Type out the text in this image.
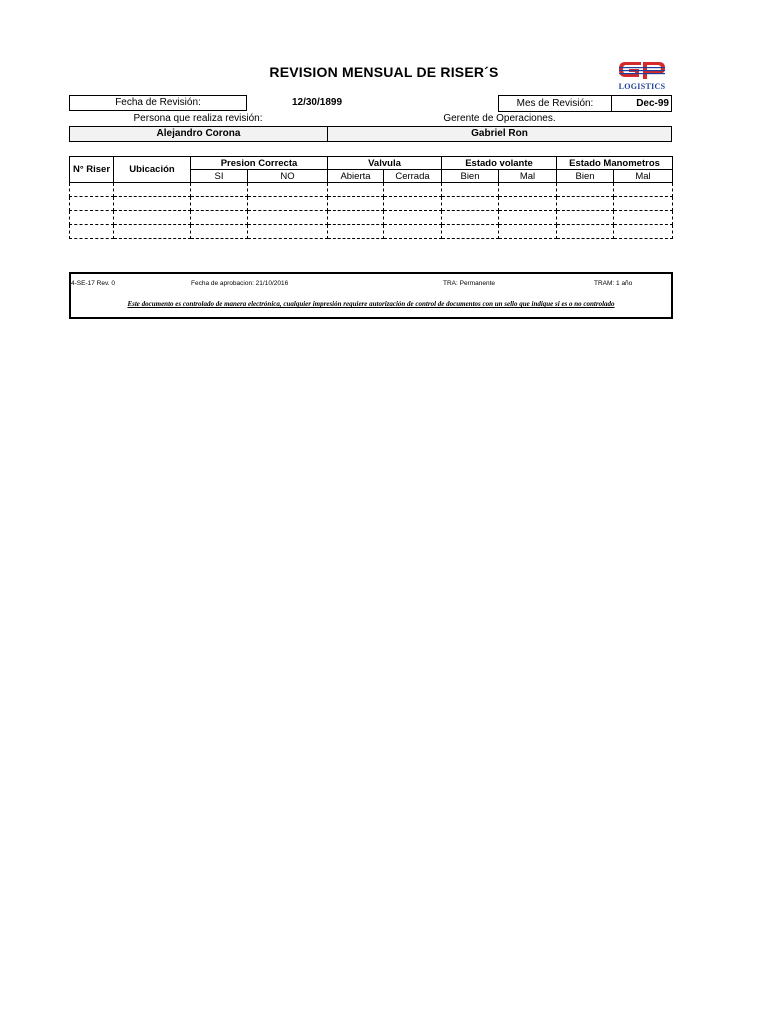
REVISION MENSUAL DE RISER´S
LOGISTICS
Fecha de Revisión:	12/30/1899	Mes de Revisión:	Dec-99
Persona que realiza revisión:	Gerente de Operaciones.
Alejandro Corona	Gabriel Ron
N° Riser	Ubicación	Presion Correcta		Valvula		Estado volante		Estado Manometros	
		SI	NO	Abierta	Cerrada	Bien	Mal	Bien	Mal

4-SE-17 Rev. 0	Fecha de aprobacion: 21/10/2016	TRA: Permanente	TRAM: 1 año
Este documento es controlado de manera electrónica, cualquier impresión requiere autorización de control de documentos con un sello que indique si es o no controlado
